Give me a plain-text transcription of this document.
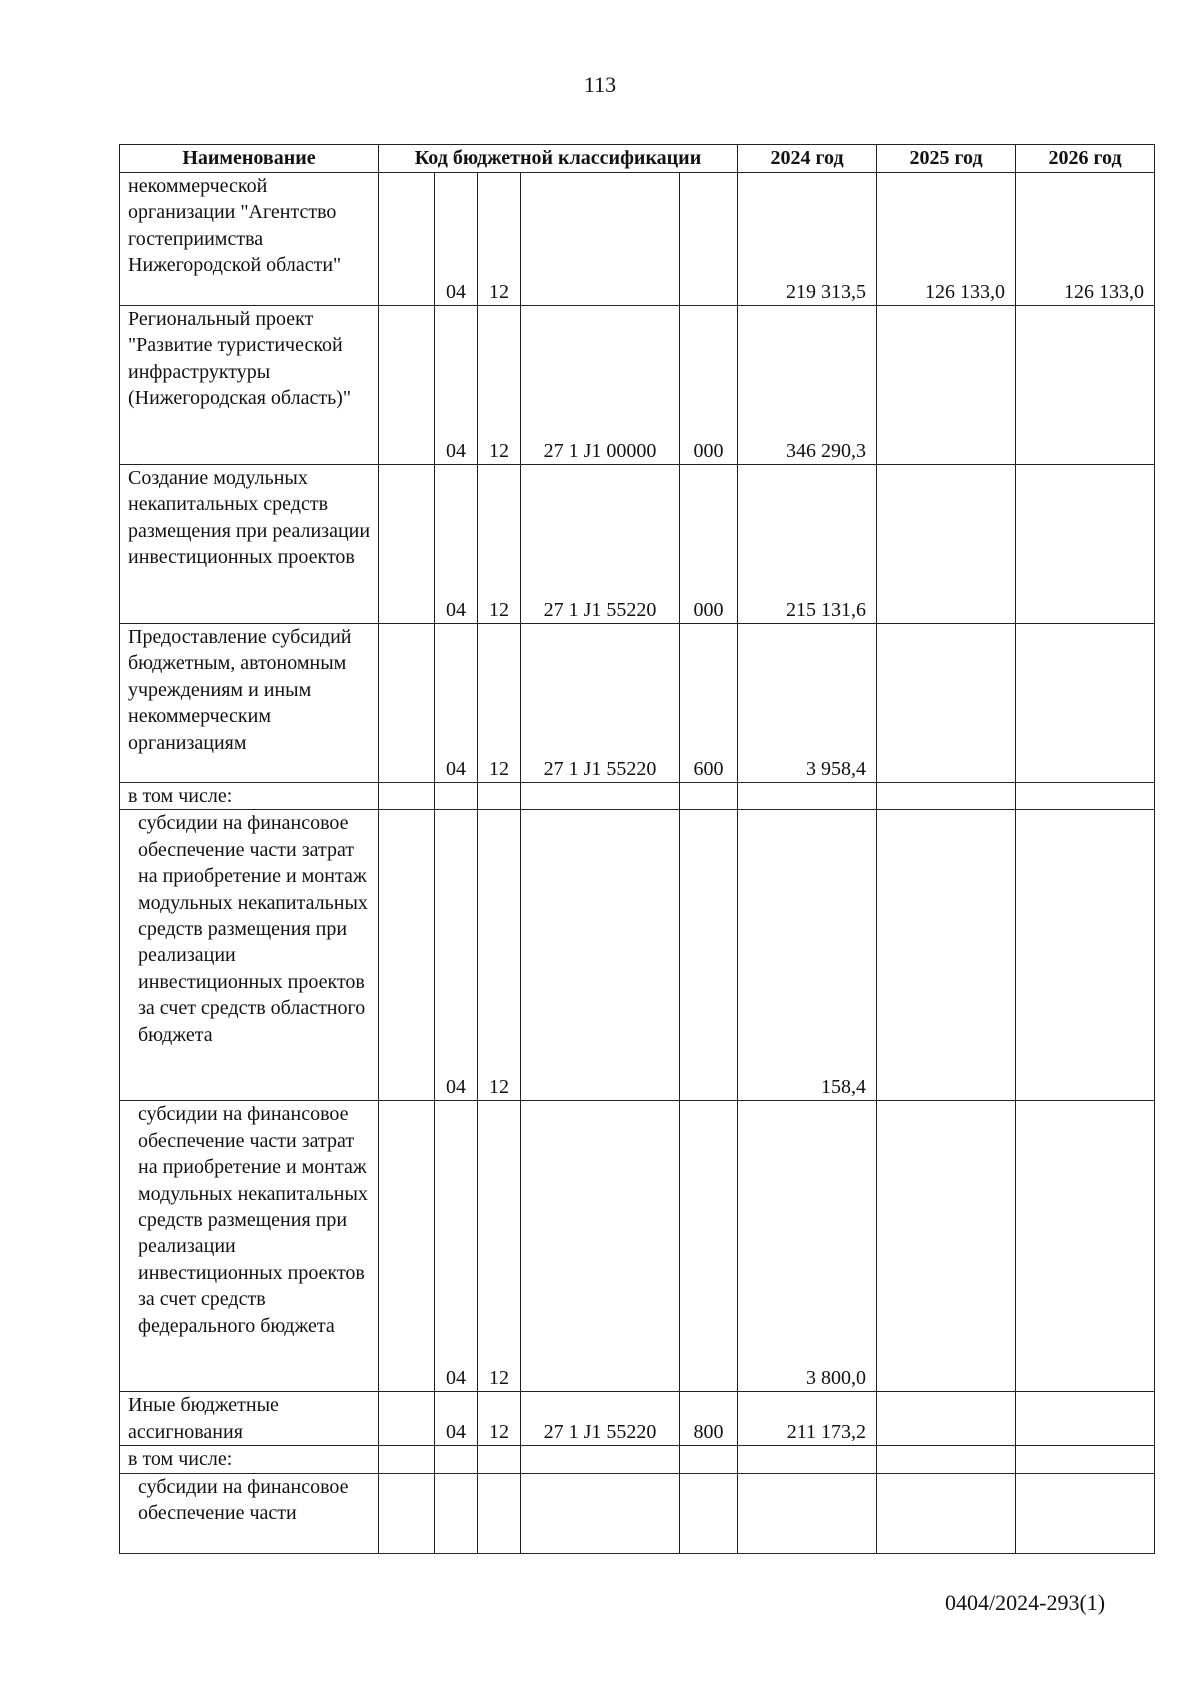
113
Наименование	Код бюджетной классификации					2024 год	2025 год	2026 год
некоммерческой организации "Агентство гостеприимства Нижегородской области"		04	12			219 313,5	126 133,0	126 133,0
Региональный проект "Развитие туристической инфраструктуры (Нижегородская область)"		04	12	27 1 J1 00000	000	346 290,3		
Создание модульных некапитальных средств размещения при реализации инвестиционных проектов		04	12	27 1 J1 55220	000	215 131,6		
Предоставление субсидий бюджетным, автономным учреждениям и иным некоммерческим организациям		04	12	27 1 J1 55220	600	3 958,4		
в том числе:								
субсидии на финансовое обеспечение части затрат на приобретение и монтаж модульных некапитальных средств размещения при реализации инвестиционных проектов за счет средств областного бюджета		04	12			158,4		
субсидии на финансовое обеспечение части затрат на приобретение и монтаж модульных некапитальных средств размещения при реализации инвестиционных проектов за счет средств федерального бюджета		04	12			3 800,0		
Иные бюджетные ассигнования		04	12	27 1 J1 55220	800	211 173,2		
в том числе:								
субсидии на финансовое обеспечение части								
0404/2024-293(1)
